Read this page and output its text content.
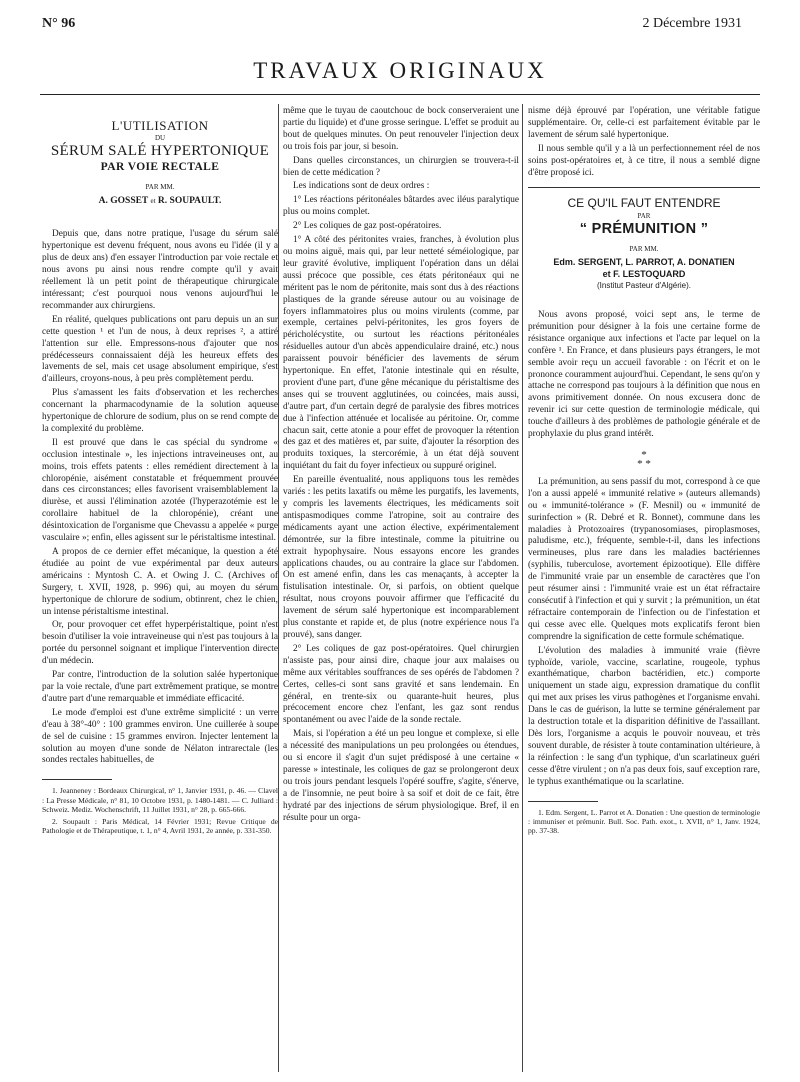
N° 96	2 Décembre 1931
TRAVAUX ORIGINAUX
L'UTILISATION
DU
SÉRUM SALÉ HYPERTONIQUE
PAR VOIE RECTALE
PAR MM.
A. GOSSET et R. SOUPAULT.

Depuis que, dans notre pratique, l'usage du sérum salé hypertonique est devenu fréquent, nous avons eu l'idée (il y a plus de deux ans) d'en essayer l'introduction par voie rectale et nous avons pu ainsi nous rendre compte qu'il y avait réellement là un petit point de thérapeutique chirurgicale intéressant; c'est pourquoi nous venons aujourd'hui le recommander aux chirurgiens.

En réalité, quelques publications ont paru depuis un an sur cette question ¹ et l'un de nous, à deux reprises ², a attiré l'attention sur elle. Empressons-nous d'ajouter que nos prédécesseurs connaissaient déjà les heureux effets des lavements de sel, mais cet usage absolument empirique, s'est d'ailleurs, croyons-nous, à peu près complètement perdu.

Plus s'amassent les faits d'observation et les recherches concernant la pharmacodynamie de la solution aqueuse hypertonique de chlorure de sodium, plus on se rend compte de la complexité du problème.

Il est prouvé que dans le cas spécial du syndrome « occlusion intestinale », les injections intraveineuses ont, au moins, trois effets patents : elles remédient directement à la chloropénie, aisément constatable et fréquemment prouvée dans ces circonstances; elles favorisent vraisemblablement la diurèse, et aussi l'élimination azotée (l'hyperazotémie est le corollaire habituel de la chloropénie), créant une désintoxication de l'organisme que Chevassu a appelée « purge vasculaire »; enfin, elles agissent sur le péristaltisme intestinal.

A propos de ce dernier effet mécanique, la question a été étudiée au point de vue expérimental par deux auteurs américains : Myntosh C. A. et Owing J. C. (Archives of Surgery, t. XVII, 1928, p. 996) qui, au moyen du sérum hypertonique de chlorure de sodium, obtinrent, chez le chien, un intense péristaltisme intestinal.

Or, pour provoquer cet effet hyperpéristaltique, point n'est besoin d'utiliser la voie intraveineuse qui n'est pas toujours à la portée du personnel soignant et implique l'intervention directe d'un médecin.

Par contre, l'introduction de la solution salée hypertonique par la voie rectale, d'une part extrêmement pratique, se montre d'autre part d'une remarquable et immédiate efficacité.

Le mode d'emploi est d'une extrême simplicité : un verre d'eau à 38°-40° : 100 grammes environ. Une cuillerée à soupe de sel de cuisine : 15 grammes environ. Injecter lentement la solution au moyen d'une sonde de Nélaton intrarectale (les sondes rectales habituelles, de

1. Jeanneney : Bordeaux Chirurgical, n° 1, Janvier 1931, p. 46. — Clavel : La Presse Médicale, n° 81, 10 Octobre 1931, p. 1480-1481. — C. Julliard : Schweiz. Mediz. Wochenschrift, 11 Juillet 1931, n° 28, p. 665-666.

2. Soupault : Paris Médical, 14 Février 1931; Revue Critique de Pathologie et de Thérapeutique, t. 1, n° 4, Avril 1931, 2e année, p. 331-350.

même que le tuyau de caoutchouc de bock conserveraient une partie du liquide) et d'une grosse seringue. L'effet se produit au bout de quelques minutes. On peut renouveler l'injection deux ou trois fois par jour, si besoin.

Dans quelles circonstances, un chirurgien se trouvera-t-il bien de cette médication ?

Les indications sont de deux ordres :

1° Les réactions péritonéales bâtardes avec iléus paralytique plus ou moins complet.

2° Les coliques de gaz post-opératoires.

1° A côté des péritonites vraies, franches, à évolution plus ou moins aiguë, mais qui, par leur netteté séméiologique, par leur gravité évolutive, impliquent l'opération dans un délai aussi précoce que possible, ces états péritonéaux qui ne méritent pas le nom de péritonite, mais sont dus à des réactions plastiques de la grande séreuse autour ou au voisinage de foyers inflammatoires plus ou moins virulents (comme, par exemple, certaines pelvi-péritonites, les gros foyers de péricholécystite, ou surtout les réactions péritonéales résiduelles autour d'un abcès appendiculaire drainé, etc.) nous paraissent pouvoir bénéficier des lavements de sérum hypertonique. En effet, l'atonie intestinale qui en résulte, provient d'une part, d'une gêne mécanique du péristaltisme des anses qui se trouvent agglutinées, ou coincées, mais aussi, d'autre part, d'un certain degré de paralysie des fibres motrices due à l'infection atténuée et localisée au péritoine. Or, comme chacun sait, cette atonie a pour effet de provoquer la rétention des gaz et des matières et, par suite, d'ajouter la résorption des produits toxiques, la stercorémie, à un état déjà souvent inquiétant du fait du foyer infectieux ou suppuré originel.

En pareille éventualité, nous appliquons tous les remèdes variés : les petits laxatifs ou même les purgatifs, les lavements, y compris les lavements électriques, les médicaments soit antispasmodiques comme l'atropine, soit au contraire des médicaments ayant une action élective, expérimentalement démontrée, sur la fibre intestinale, comme la pituitrine ou extrait hypophysaire. Nous essayons encore les grandes applications chaudes, ou au contraire la glace sur l'abdomen. On est amené enfin, dans les cas menaçants, à accepter la fistulisation intestinale. Or, si parfois, on obtient quelque résultat, nous croyons pouvoir affirmer que l'efficacité du lavement de sérum salé hypertonique est incomparablement plus constante et rapide et, de plus (notre expérience nous l'a prouvé), sans danger.

2° Les coliques de gaz post-opératoires. Quel chirurgien n'assiste pas, pour ainsi dire, chaque jour aux malaises ou même aux véritables souffrances de ses opérés de l'abdomen ? Certes, celles-ci sont sans gravité et sans lendemain. En général, en trente-six ou quarante-huit heures, plus précocement encore chez l'enfant, les gaz sont rendus spontanément ou avec l'aide de la sonde rectale.

Mais, si l'opération a été un peu longue et complexe, si elle a nécessité des manipulations un peu prolongées ou étendues, ou si encore il s'agit d'un sujet prédisposé à une certaine « paresse » intestinale, les coliques de gaz se prolongeront deux ou trois jours pendant lesquels l'opéré souffre, s'agite, s'énerve, a de l'insomnie, ne peut boire à sa soif et doit de ce fait, être hydraté par des injections de sérum physiologique. Bref, il en résulte pour un orga-

nisme déjà éprouvé par l'opération, une véritable fatigue supplémentaire. Or, celle-ci est parfaitement évitable par le lavement de sérum salé hypertonique.

Il nous semble qu'il y a là un perfectionnement réel de nos soins post-opératoires et, à ce titre, il nous a semblé digne d'être proposé ici.

CE QU'IL FAUT ENTENDRE
PAR
“ PRÉMUNITION ”
PAR MM.
Edm. SERGENT, L. PARROT, A. DONATIEN
et F. LESTOQUARD
(Institut Pasteur d'Algérie).

Nous avons proposé, voici sept ans, le terme de prémunition pour désigner à la fois une certaine forme de résistance organique aux infections et l'acte par lequel on la confère ¹. En France, et dans plusieurs pays étrangers, le mot semble avoir reçu un accueil favorable : on l'écrit et on le prononce couramment aujourd'hui. Cependant, le sens qu'on y attache ne correspond pas toujours à la définition que nous en avons primitivement donnée. On nous excusera donc de revenir ici sur cette question de terminologie médicale, qui touche d'ailleurs à des problèmes de pathologie générale et de prophylaxie du plus grand intérêt.

*
* *

La prémunition, au sens passif du mot, correspond à ce que l'on a aussi appelé « immunité relative » (auteurs allemands) ou « immunité-tolérance » (F. Mesnil) ou « immunité de surinfection » (R. Debré et R. Bonnet), commune dans les maladies à Protozoaires (trypanosomiases, piroplasmoses, paludisme, etc.), fréquente, semble-t-il, dans les infections vermineuses, plus rare dans les maladies bactériennes (syphilis, tuberculose, avortement épizootique). Elle diffère de l'immunité vraie par un ensemble de caractères que l'on peut résumer ainsi : l'immunité vraie est un état réfractaire consécutif à l'infection et qui y survit ; la prémunition, un état réfractaire contemporain de l'infection ou de l'infestation et qui cesse avec elle. Quelques mots explicatifs feront bien comprendre la signification de cette formule schématique.

L'évolution des maladies à immunité vraie (fièvre typhoïde, variole, vaccine, scarlatine, rougeole, typhus exanthématique, charbon bactéridien, etc.) comporte uniquement un stade aigu, expression dramatique du conflit qui met aux prises les virus pathogènes et l'organisme envahi. Dans le cas de guérison, la lutte se termine généralement par la destruction totale et la disparition définitive de l'assaillant. Dès lors, l'organisme a acquis le pouvoir nouveau, et très souvent durable, de résister à toute contamination ultérieure, à la réinfection : le sang d'un typhique, d'un scarlatineux guéri cesse d'être virulent ; on n'a pas deux fois, sauf exception rare, le typhus exanthématique ou la scarlatine.

1. Edm. Sergent, L. Parrot et A. Donatien : Une question de terminologie : immuniser et prémunir. Bull. Soc. Path. exot., t. XVII, n° 1, Janv. 1924, pp. 37-38.
